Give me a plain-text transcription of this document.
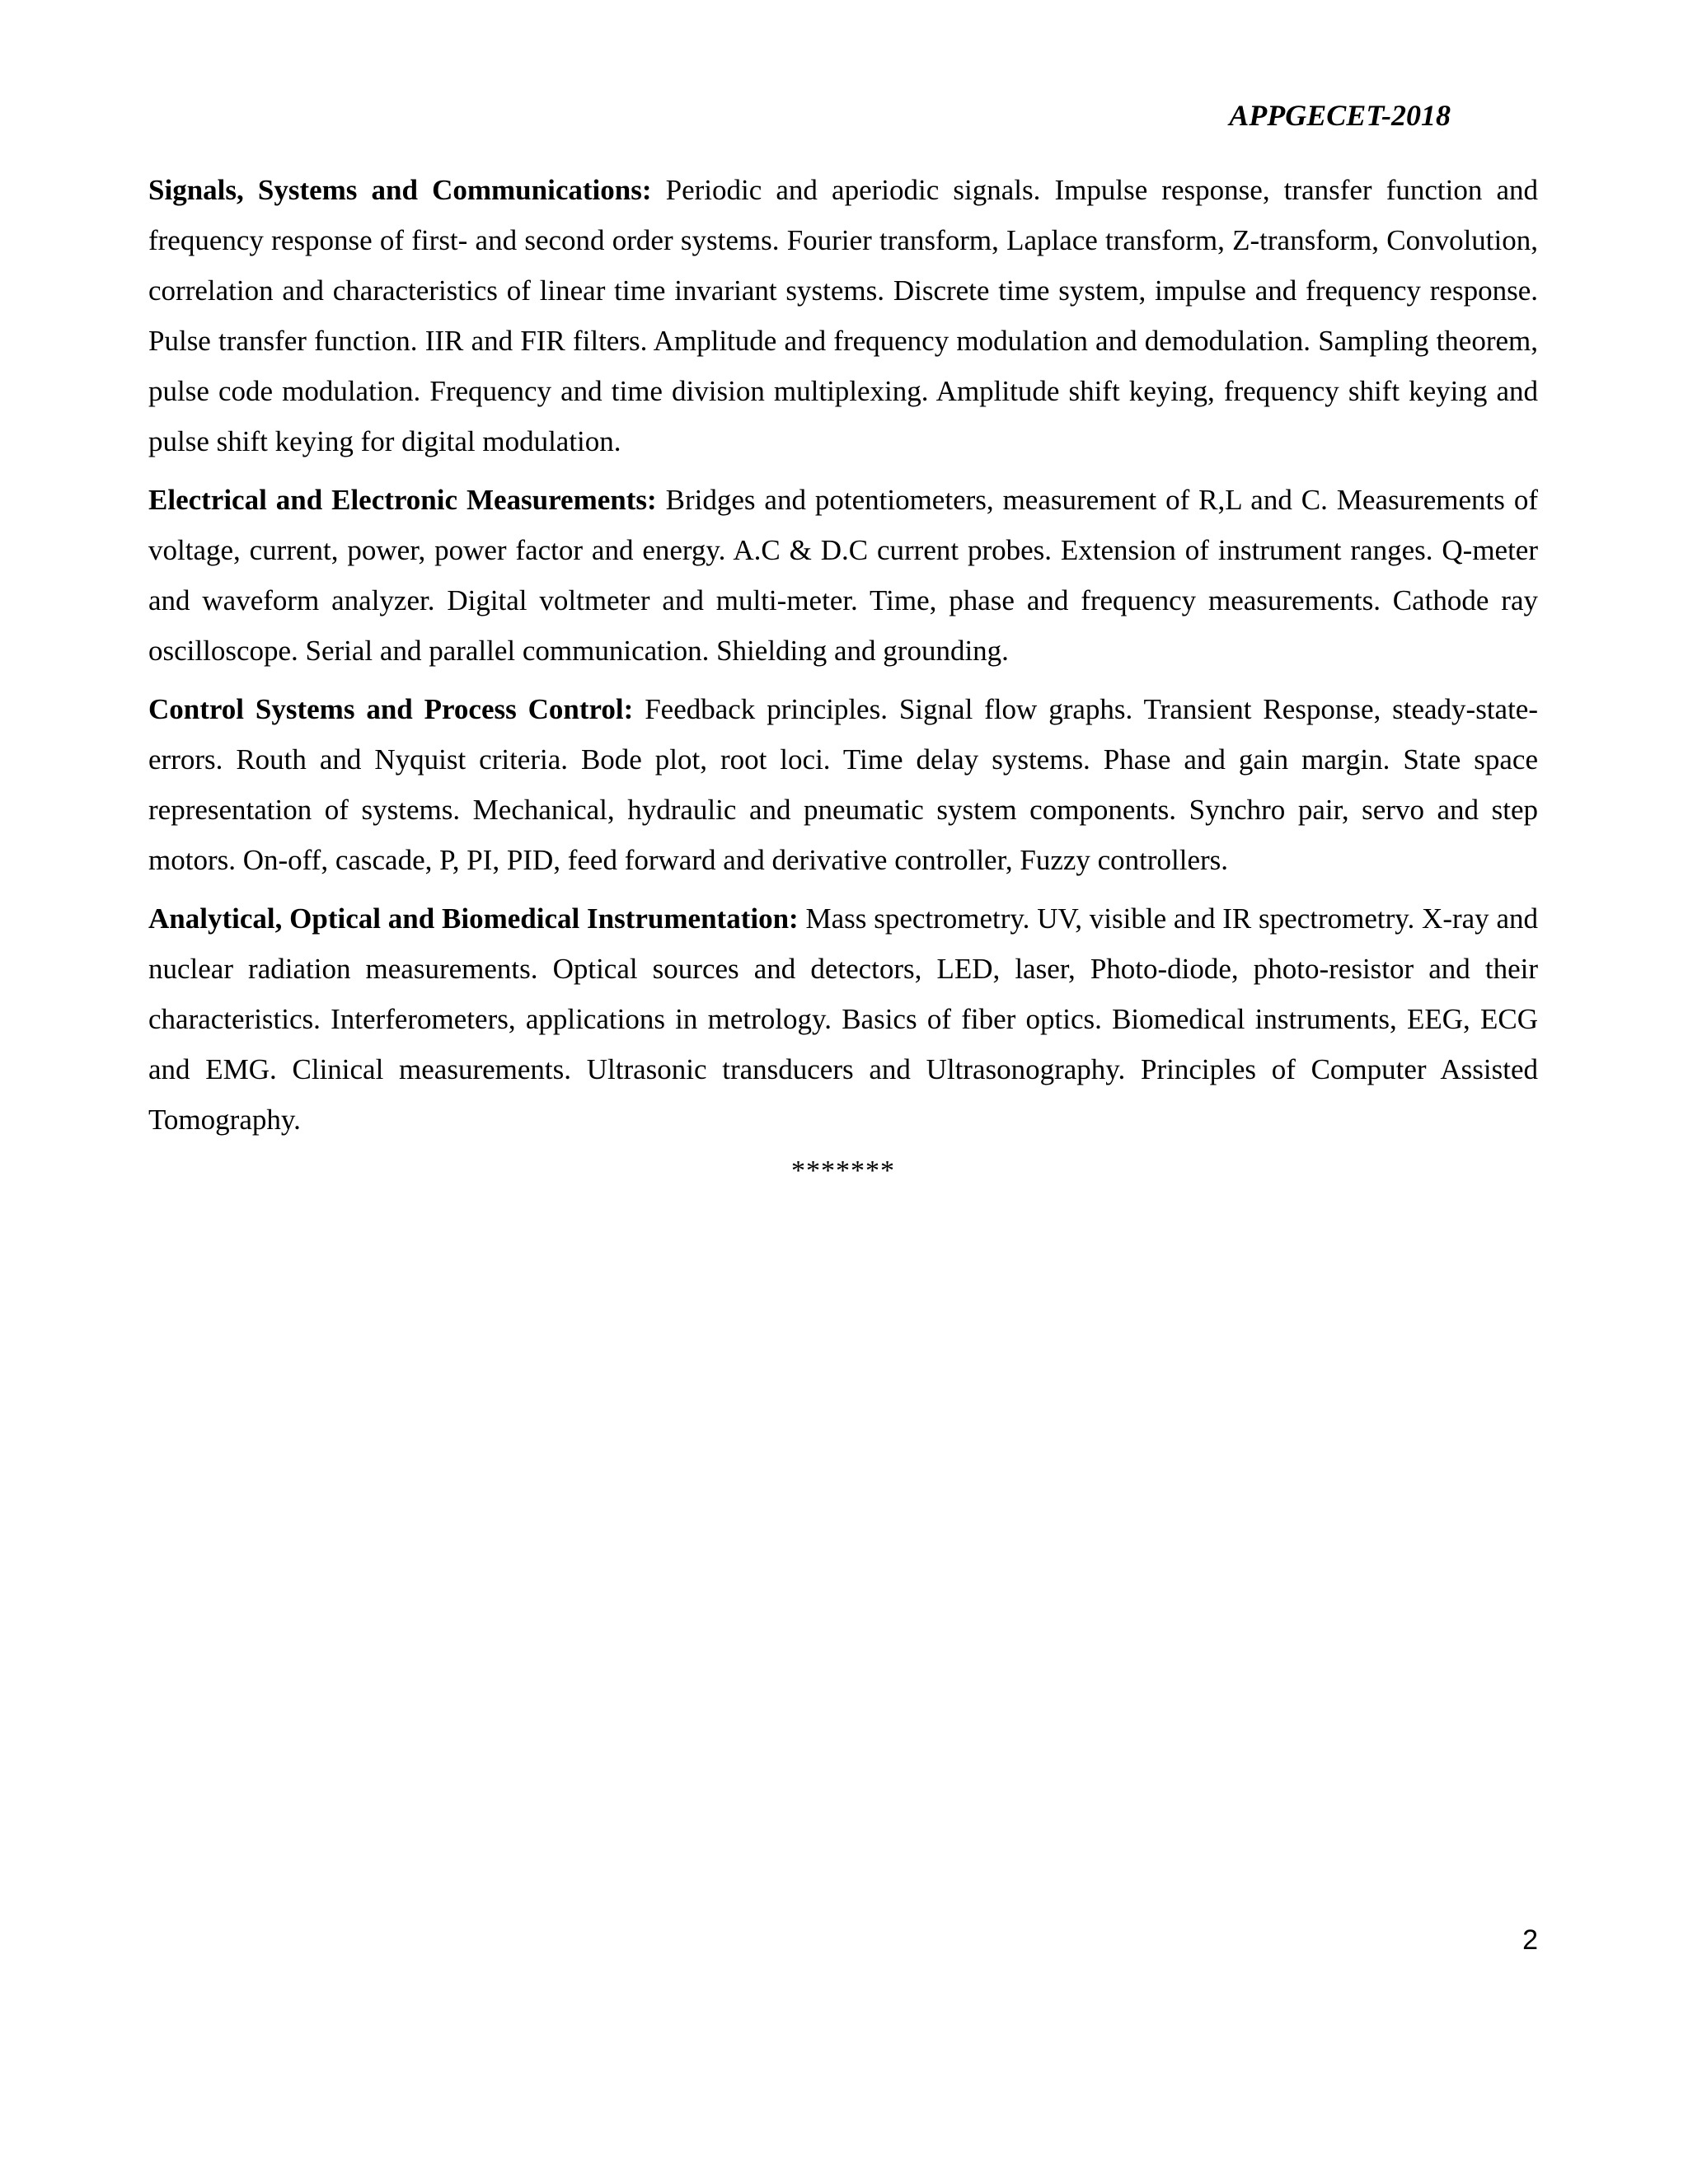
APPGECET-2018

Signals, Systems and Communications: Periodic and aperiodic signals. Impulse response, transfer function and frequency response of first- and second order systems. Fourier transform, Laplace transform, Z-transform, Convolution, correlation and characteristics of linear time invariant systems. Discrete time system, impulse and frequency response. Pulse transfer function. IIR and FIR filters. Amplitude and frequency modulation and demodulation. Sampling theorem, pulse code modulation. Frequency and time division multiplexing. Amplitude shift keying, frequency shift keying and pulse shift keying for digital modulation.

Electrical and Electronic Measurements: Bridges and potentiometers, measurement of R,L and C. Measurements of voltage, current, power, power factor and energy. A.C & D.C current probes. Extension of instrument ranges. Q-meter and waveform analyzer. Digital voltmeter and multi-meter. Time, phase and frequency measurements. Cathode ray oscilloscope. Serial and parallel communication. Shielding and grounding.

Control Systems and Process Control: Feedback principles. Signal flow graphs. Transient Response, steady-state-errors. Routh and Nyquist criteria. Bode plot, root loci. Time delay systems. Phase and gain margin. State space representation of systems. Mechanical, hydraulic and pneumatic system components. Synchro pair, servo and step motors. On-off, cascade, P, PI, PID, feed forward and derivative controller, Fuzzy controllers.

Analytical, Optical and Biomedical Instrumentation: Mass spectrometry. UV, visible and IR spectrometry. X-ray and nuclear radiation measurements. Optical sources and detectors, LED, laser, Photo-diode, photo-resistor and their characteristics. Interferometers, applications in metrology. Basics of fiber optics. Biomedical instruments, EEG, ECG and EMG. Clinical measurements. Ultrasonic transducers and Ultrasonography. Principles of Computer Assisted Tomography.

*******
2
